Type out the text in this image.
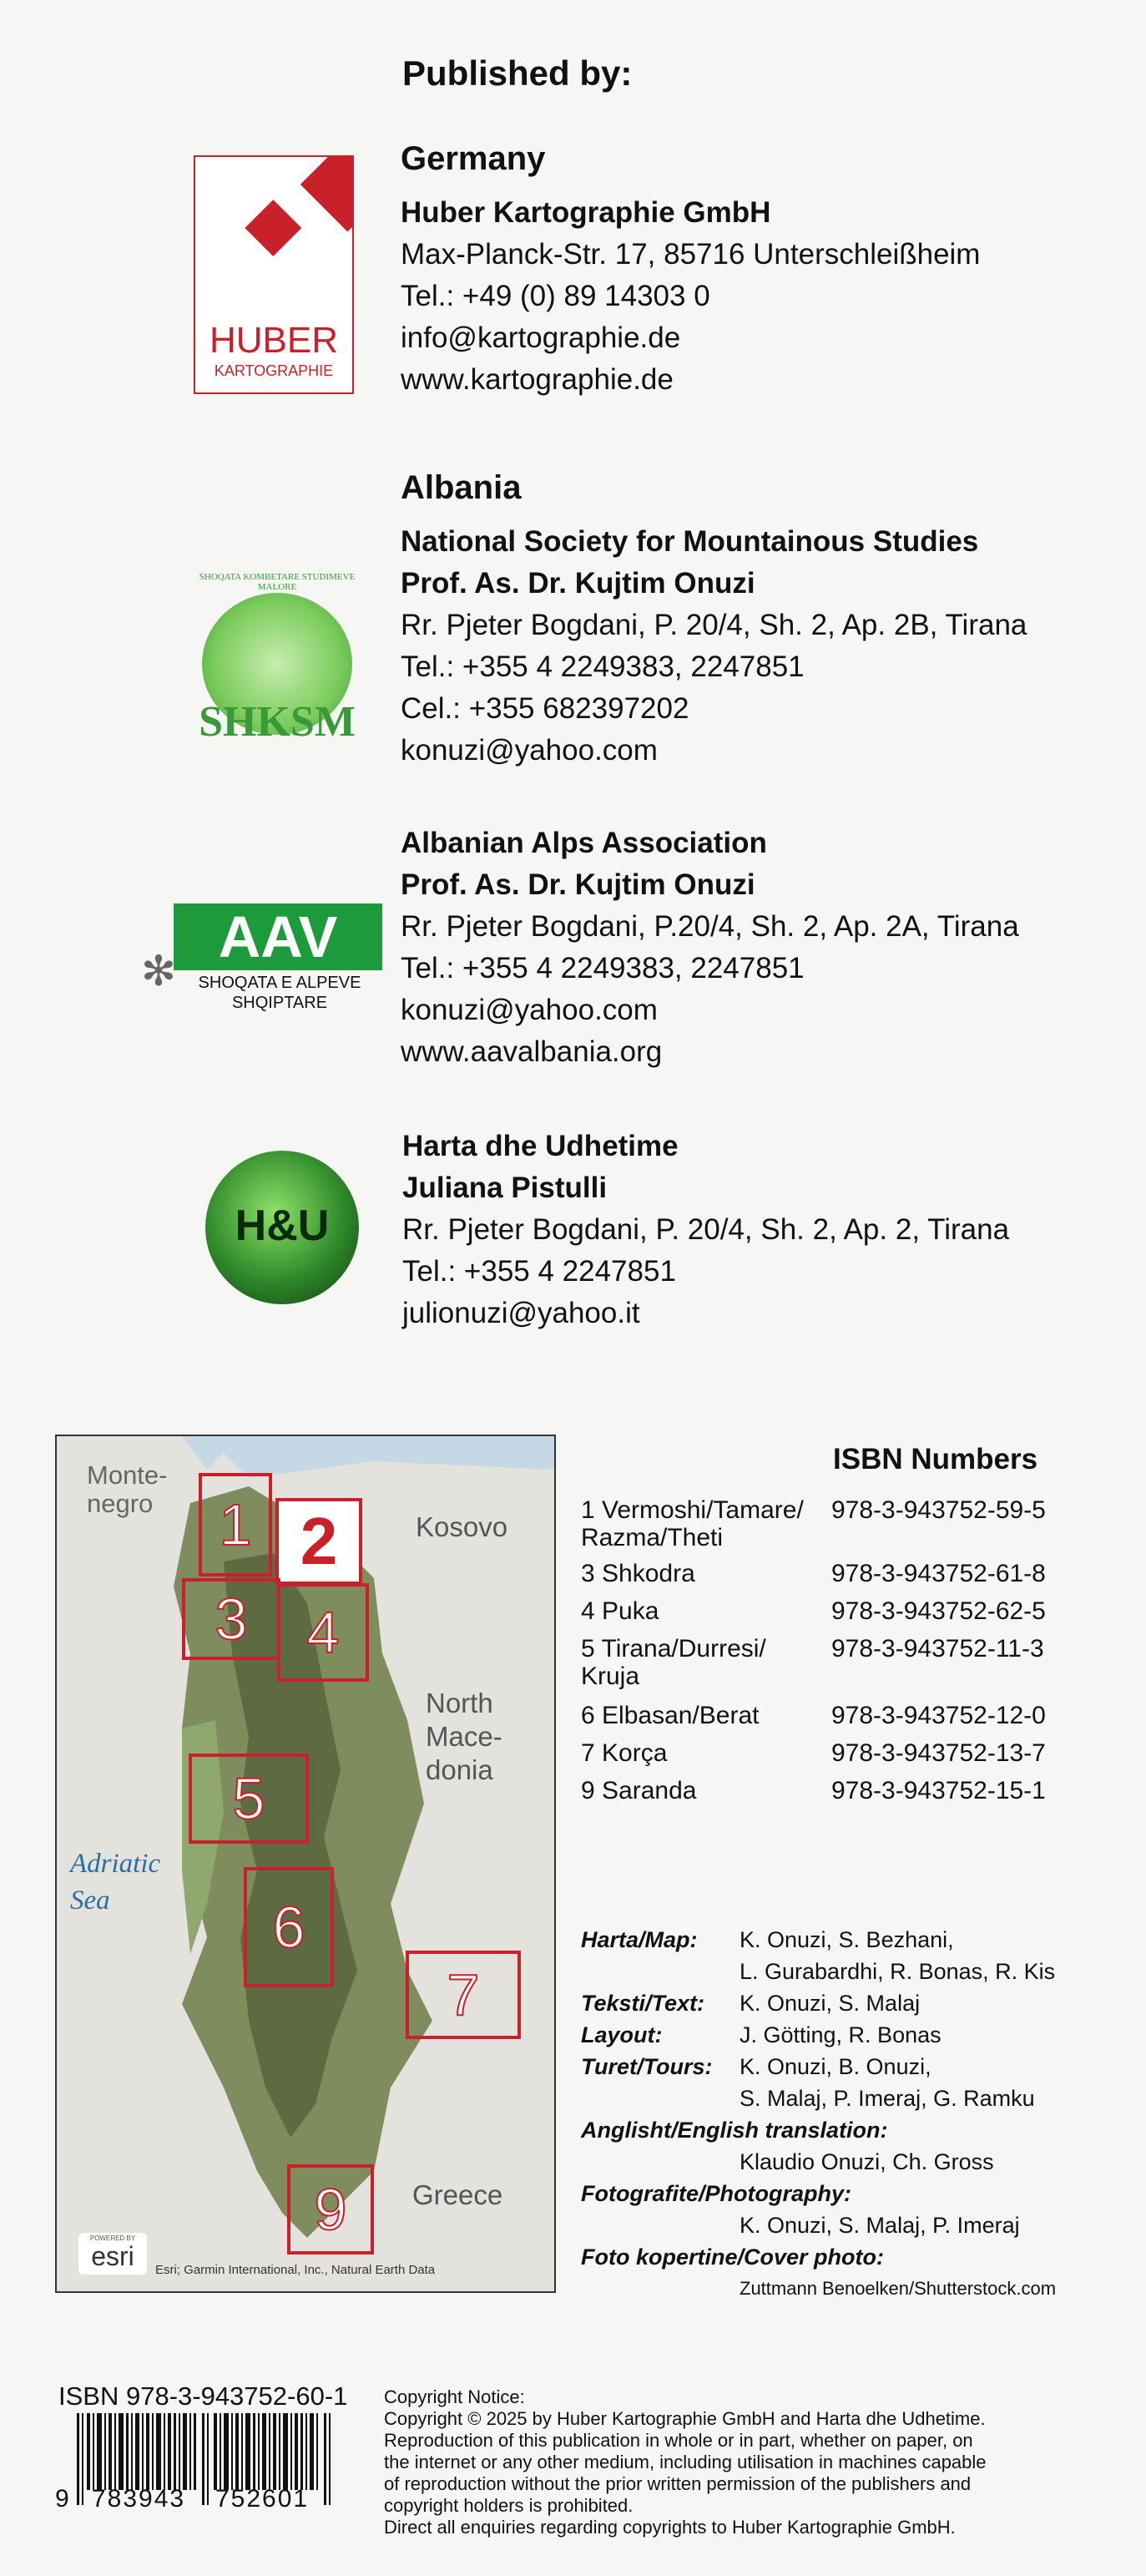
Published by:
HUBER
KARTOGRAPHIE
Germany
Huber Kartographie GmbH
Max-Planck-Str. 17, 85716 Unterschleißheim
Tel.: +49 (0) 89 14303 0
info@kartographie.de
www.kartographie.de
SHOQATA KOMBETARE STUDIMEVE MALORE
SHKSM
Albania
National Society for Mountainous Studies
Prof. As. Dr. Kujtim Onuzi
Rr. Pjeter Bogdani, P. 20/4, Sh. 2, Ap. 2B, Tirana
Tel.: +355 4 2249383, 2247851
Cel.: +355 682397202
konuzi@yahoo.com
AAV
✻	SHOQATA E ALPEVE
SHQIPTARE
Albanian Alps Association
Prof. As. Dr. Kujtim Onuzi
Rr. Pjeter Bogdani, P.20/4, Sh. 2, Ap. 2A, Tirana
Tel.: +355 4 2249383, 2247851
konuzi@yahoo.com
www.aavalbania.org
H&U
Harta dhe Udhetime
Juliana Pistulli
Rr. Pjeter Bogdani, P. 20/4, Sh. 2, Ap. 2, Tirana
Tel.: +355 4 2247851
julionuzi@yahoo.it
Monte-
negro
Kosovo
North
Mace-
donia
Adriatic
Sea
Greece
1 2
3	4
5
6
7
9
POWERED BY
esri	Esri; Garmin International, Inc., Natural Earth Data
ISBN Numbers
1 Vermoshi/Tamare/
Razma/Theti
978-3-943752-59-5
3 Shkodra	978-3-943752-61-8
4 Puka	978-3-943752-62-5
5 Tirana/Durresi/
Kruja
978-3-943752-11-3
6 Elbasan/Berat	978-3-943752-12-0
7 Korça	978-3-943752-13-7
9 Saranda	978-3-943752-15-1
Harta/Map: K. Onuzi, S. Bezhani,
L. Gurabardhi, R. Bonas, R. Kis
Teksti/Text: K. Onuzi, S. Malaj
Layout:	J. Götting, R. Bonas
Turet/Tours: K. Onuzi, B. Onuzi,
S. Malaj, P. Imeraj, G. Ramku
Anglisht/English translation:
Klaudio Onuzi, Ch. Gross
Fotografite/Photography:
K. Onuzi, S. Malaj, P. Imeraj
Foto kopertine/Cover photo:
Zuttmann Benoelken/Shutterstock.com
ISBN 978-3-943752-60-1
9 783943 752601
Copyright Notice:
Copyright © 2025 by Huber Kartographie GmbH and Harta dhe Udhetime.
Reproduction of this publication in whole or in part, whether on paper, on
the internet or any other medium, including utilisation in machines capable
of reproduction without the prior written permission of the publishers and
copyright holders is prohibited.
Direct all enquiries regarding copyrights to Huber Kartographie GmbH.
